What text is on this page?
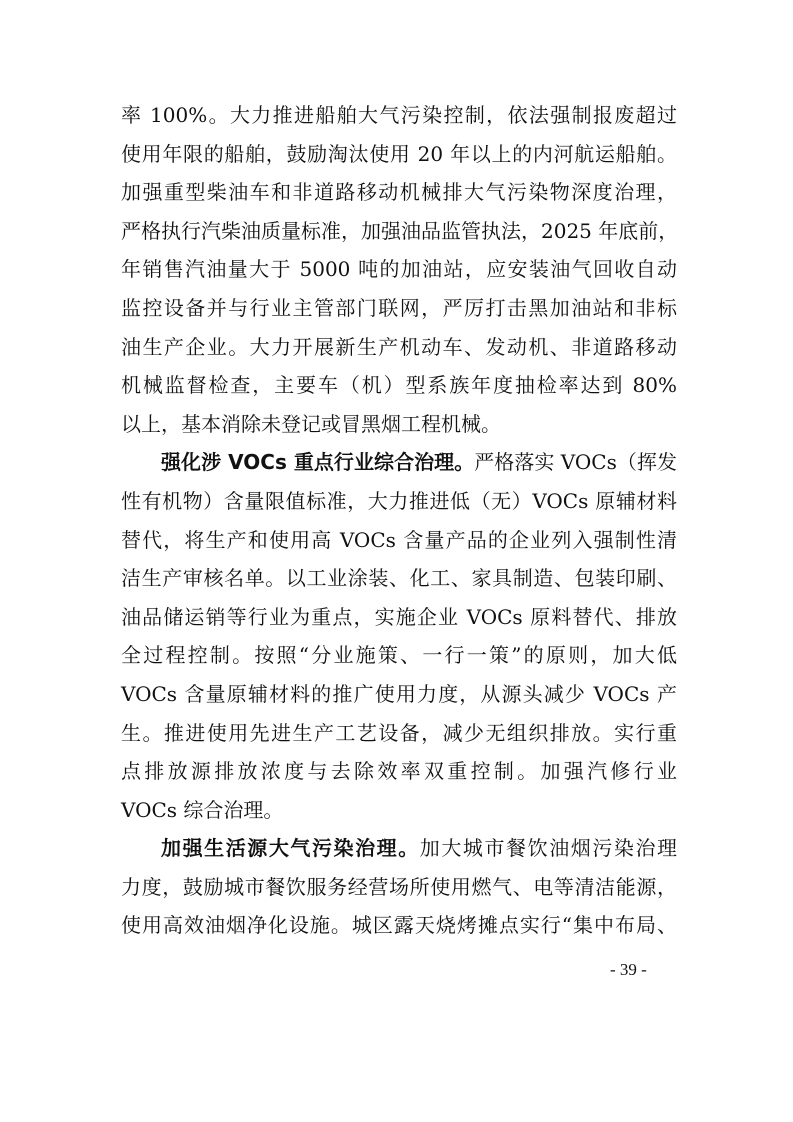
率 100%。大力推进船舶大气污染控制，依法强制报废超过
使用年限的船舶，鼓励淘汰使用 20 年以上的内河航运船舶。
加强重型柴油车和非道路移动机械排大气污染物深度治理，
严格执行汽柴油质量标准，加强油品监管执法，2025 年底前，
年销售汽油量大于 5000 吨的加油站，应安装油气回收自动
监控设备并与行业主管部门联网，严厉打击黑加油站和非标
油生产企业。大力开展新生产机动车、发动机、非道路移动
机械监督检查，主要车（机）型系族年度抽检率达到 80%
以上，基本消除未登记或冒黑烟工程机械。
强化涉 VOCs 重点行业综合治理。严格落实 VOCs（挥发
性有机物）含量限值标准，大力推进低（无）VOCs 原辅材料
替代，将生产和使用高 VOCs 含量产品的企业列入强制性清
洁生产审核名单。以工业涂装、化工、家具制造、包装印刷、
油品储运销等行业为重点，实施企业 VOCs 原料替代、排放
全过程控制。按照“分业施策、一行一策”的原则，加大低
VOCs 含量原辅材料的推广使用力度，从源头减少 VOCs 产
生。推进使用先进生产工艺设备，减少无组织排放。实行重
点排放源排放浓度与去除效率双重控制。加强汽修行业
VOCs 综合治理。
加强生活源大气污染治理。加大城市餐饮油烟污染治理
力度，鼓励城市餐饮服务经营场所使用燃气、电等清洁能源，
使用高效油烟净化设施。城区露天烧烤摊点实行“集中布局、
- 39 -
